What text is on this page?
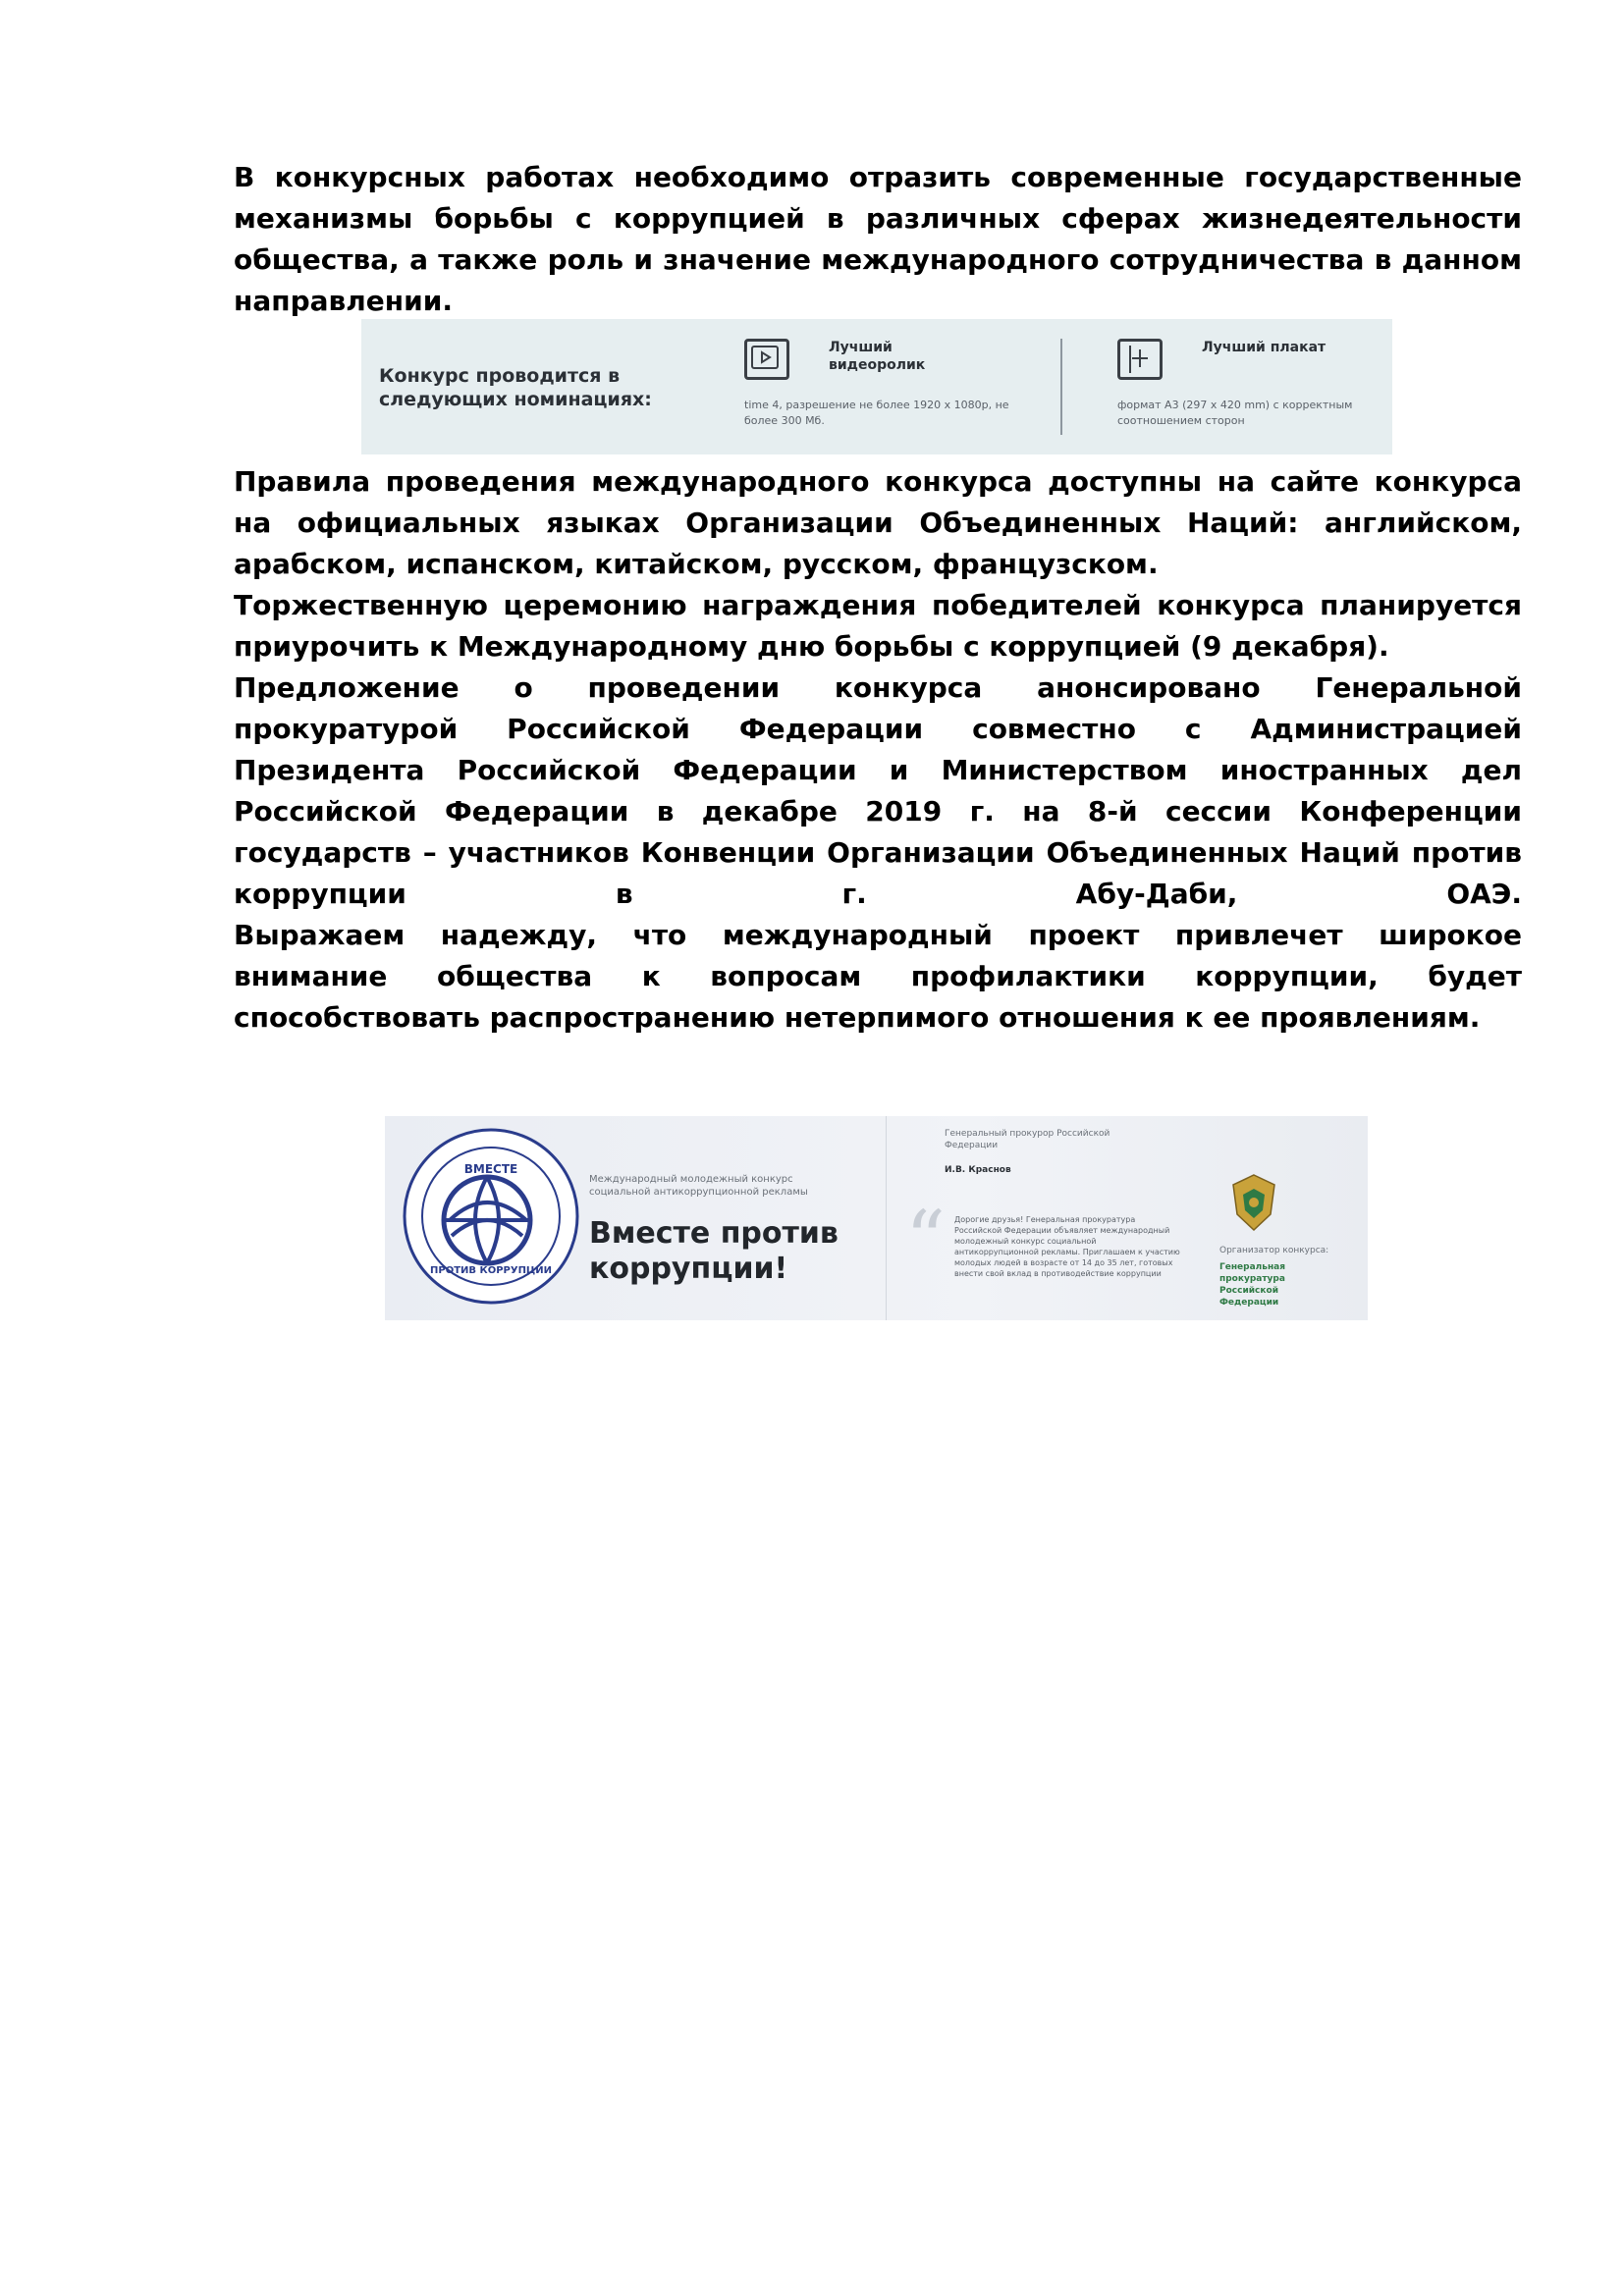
В конкурсных работах необходимо отразить современные государственные механизмы борьбы с коррупцией в различных сферах жизнедеятельности общества, а также роль и значение международного сотрудничества в данном направлении.

Конкурс проводится в следующих номинациях:
Лучший видеоролик
time 4, разрешение не более 1920 x 1080p, не более 300 Мб.
Лучший плакат
формат A3 (297 x 420 mm) с корректным соотношением сторон

Правила проведения международного конкурса доступны на сайте конкурса на официальных языках Организации Объединенных Наций: английском, арабском, испанском, китайском, русском, французском.

Торжественную церемонию награждения победителей конкурса планируется приурочить к Международному дню борьбы с коррупцией (9 декабря).

Предложение о проведении конкурса анонсировано Генеральной прокуратурой Российской Федерации совместно с Администрацией Президента Российской Федерации и Министерством иностранных дел Российской Федерации в декабре 2019 г. на 8-й сессии Конференции государств – участников Конвенции Организации Объединенных Наций против коррупции в г. Абу-Даби, ОАЭ.

Выражаем надежду, что международный проект привлечет широкое внимание общества к вопросам профилактики коррупции, будет способствовать распространению нетерпимого отношения к ее проявлениям.

ВМЕСТЕ
ПРОТИВ КОРРУПЦИИ
Международный молодежный конкурс социальной антикоррупционной рекламы
Вместе против коррупции!
Генеральный прокурор Российской Федерации
И.В. Краснов
“ Дорогие друзья! Генеральная прокуратура Российской Федерации объявляет международный молодежный конкурс социальной антикоррупционной рекламы. Приглашаем к участию молодых людей в возрасте от 14 до 35 лет, готовых внести свой вклад в противодействие коррупции
Организатор конкурса:
Генеральная прокуратура Российской Федерации
